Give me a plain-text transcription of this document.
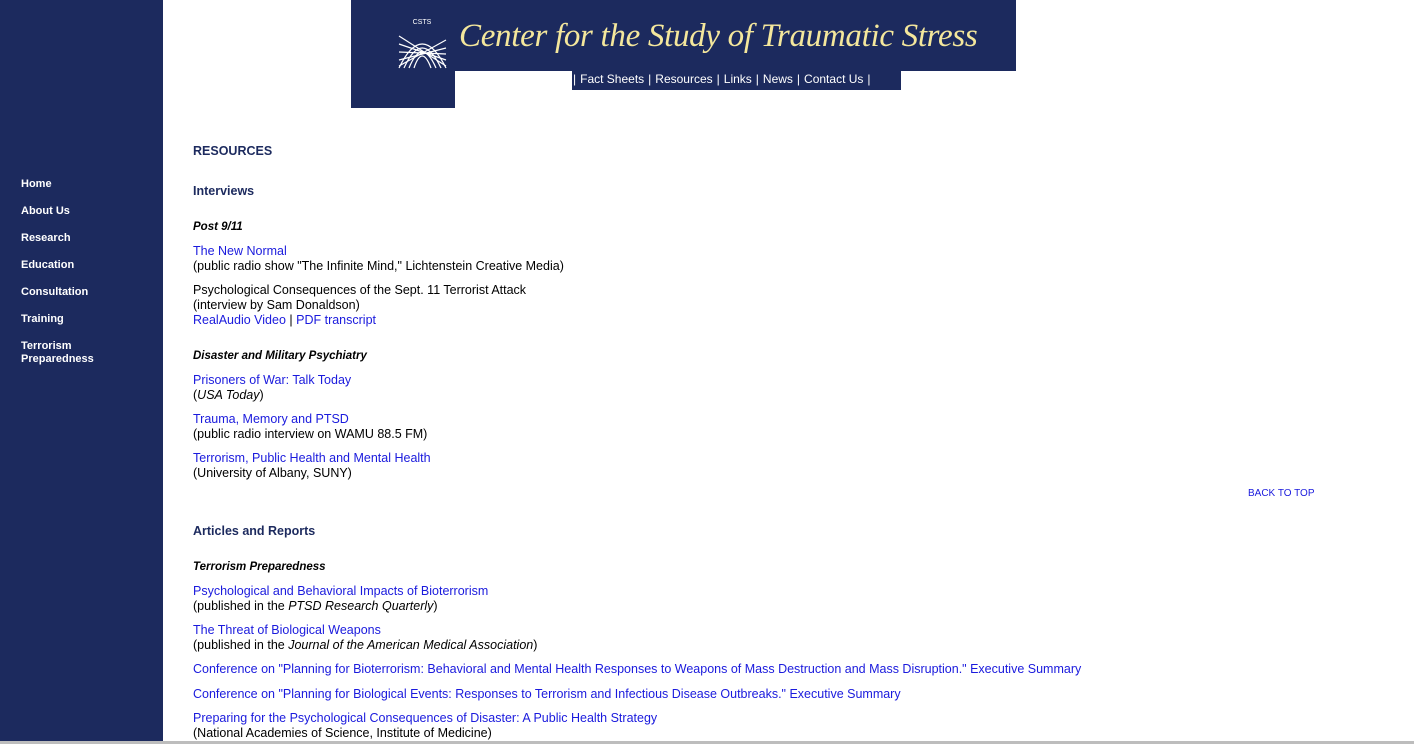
Home
About Us
Research
Education
Consultation
Training
Terrorism Preparedness
CSTS Center for the Study of Traumatic Stress
| Fact Sheets | Resources | Links | News | Contact Us |
RESOURCES
Interviews
Post 9/11
The New Normal
(public radio show "The Infinite Mind," Lichtenstein Creative Media)
Psychological Consequences of the Sept. 11 Terrorist Attack
(interview by Sam Donaldson)
RealAudio Video | PDF transcript
Disaster and Military Psychiatry
Prisoners of War: Talk Today
(USA Today)
Trauma, Memory and PTSD
(public radio interview on WAMU 88.5 FM)
Terrorism, Public Health and Mental Health
(University of Albany, SUNY)
BACK TO TOP
Articles and Reports
Terrorism Preparedness
Psychological and Behavioral Impacts of Bioterrorism
(published in the PTSD Research Quarterly)
The Threat of Biological Weapons
(published in the Journal of the American Medical Association)
Conference on "Planning for Bioterrorism: Behavioral and Mental Health Responses to Weapons of Mass Destruction and Mass Disruption." Executive Summary
Conference on "Planning for Biological Events: Responses to Terrorism and Infectious Disease Outbreaks." Executive Summary
Preparing for the Psychological Consequences of Disaster: A Public Health Strategy
(National Academies of Science, Institute of Medicine)
